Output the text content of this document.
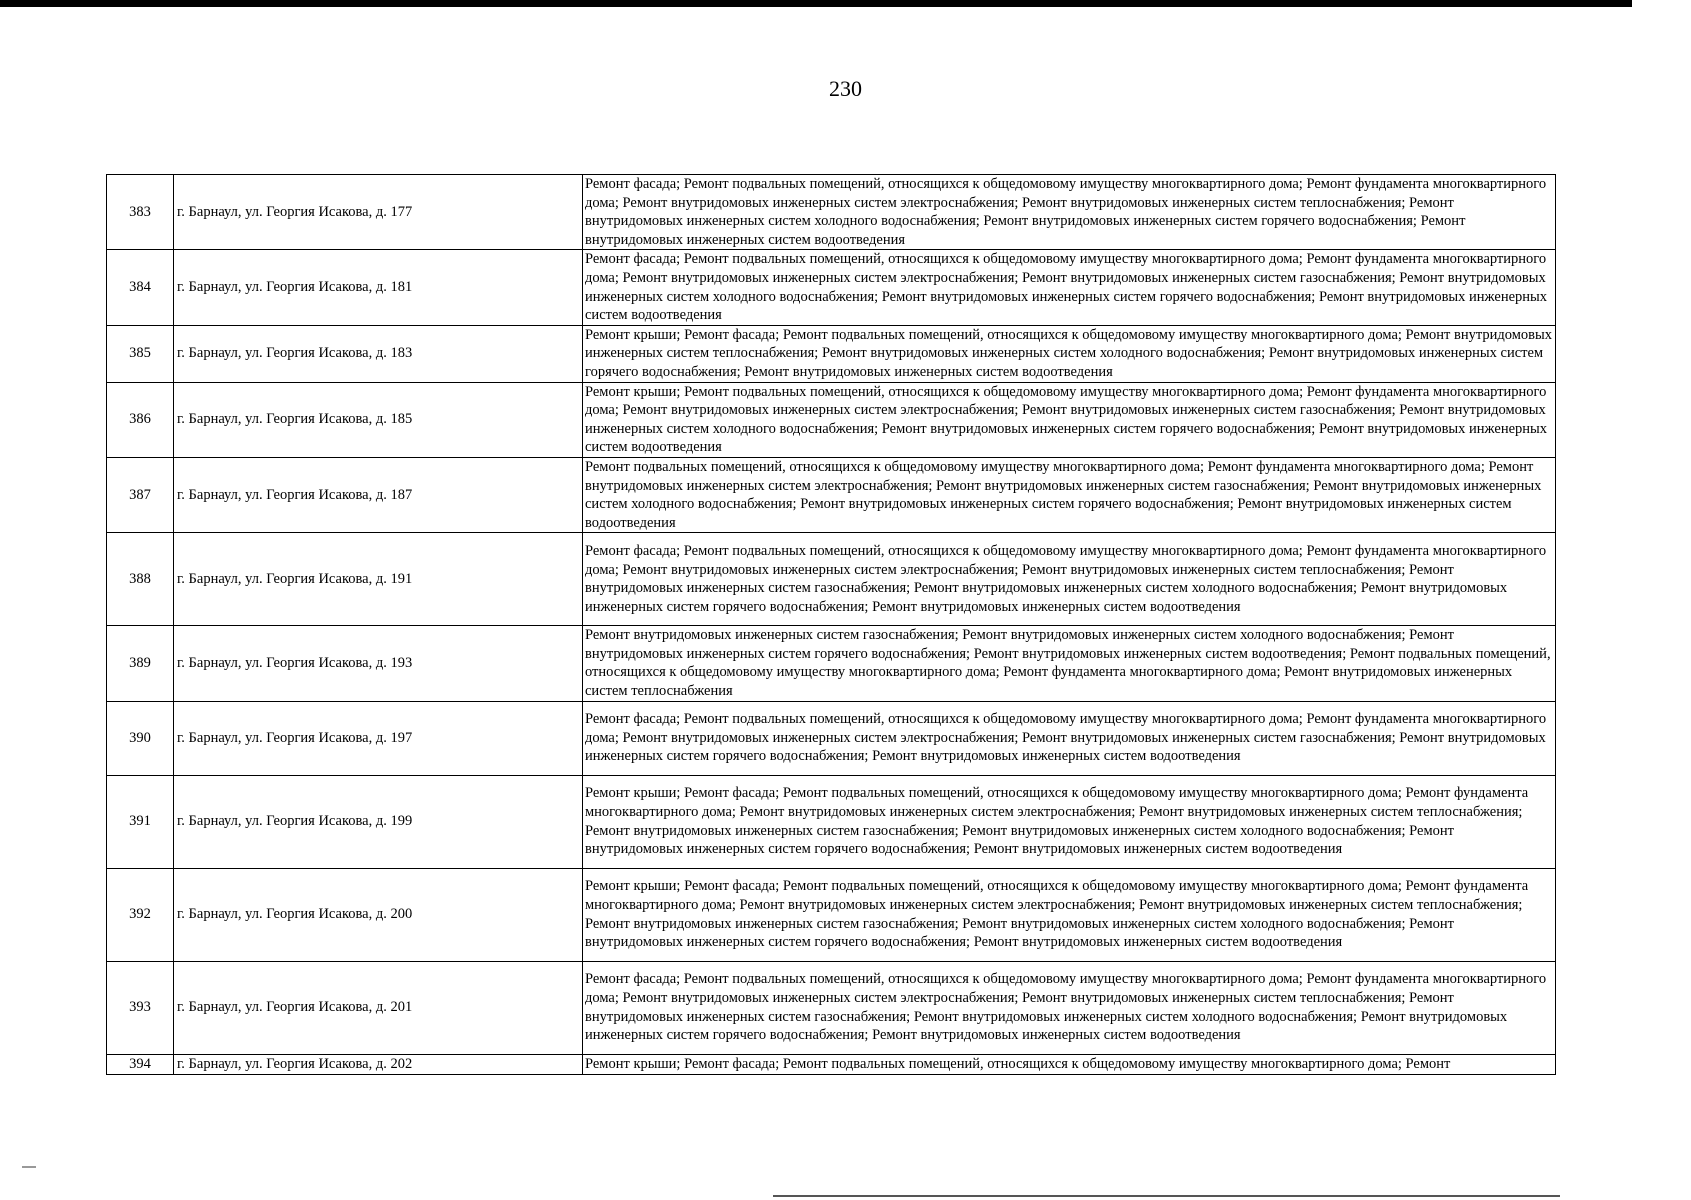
230
383	г. Барнаул, ул. Георгия Исакова, д. 177	Ремонт фасада; Ремонт подвальных помещений, относящихся к общедомовому имуществу многоквартирного дома; Ремонт фундамента многоквартирного дома; Ремонт внутридомовых инженерных систем электроснабжения; Ремонт внутридомовых инженерных систем теплоснабжения; Ремонт внутридомовых инженерных систем холодного водоснабжения; Ремонт внутридомовых инженерных систем горячего водоснабжения; Ремонт внутридомовых инженерных систем водоотведения
384	г. Барнаул, ул. Георгия Исакова, д. 181	Ремонт фасада; Ремонт подвальных помещений, относящихся к общедомовому имуществу многоквартирного дома; Ремонт фундамента многоквартирного дома; Ремонт внутридомовых инженерных систем электроснабжения; Ремонт внутридомовых инженерных систем газоснабжения; Ремонт внутридомовых инженерных систем холодного водоснабжения; Ремонт внутридомовых инженерных систем горячего водоснабжения; Ремонт внутридомовых инженерных систем водоотведения
385	г. Барнаул, ул. Георгия Исакова, д. 183	Ремонт крыши; Ремонт фасада; Ремонт подвальных помещений, относящихся к общедомовому имуществу многоквартирного дома; Ремонт внутридомовых инженерных систем теплоснабжения; Ремонт внутридомовых инженерных систем холодного водоснабжения; Ремонт внутридомовых инженерных систем горячего водоснабжения; Ремонт внутридомовых инженерных систем водоотведения
386	г. Барнаул, ул. Георгия Исакова, д. 185	Ремонт крыши; Ремонт подвальных помещений, относящихся к общедомовому имуществу многоквартирного дома; Ремонт фундамента многоквартирного дома; Ремонт внутридомовых инженерных систем электроснабжения; Ремонт внутридомовых инженерных систем газоснабжения; Ремонт внутридомовых инженерных систем холодного водоснабжения; Ремонт внутридомовых инженерных систем горячего водоснабжения; Ремонт внутридомовых инженерных систем водоотведения
387	г. Барнаул, ул. Георгия Исакова, д. 187	Ремонт подвальных помещений, относящихся к общедомовому имуществу многоквартирного дома; Ремонт фундамента многоквартирного дома; Ремонт внутридомовых инженерных систем электроснабжения; Ремонт внутридомовых инженерных систем газоснабжения; Ремонт внутридомовых инженерных систем холодного водоснабжения; Ремонт внутридомовых инженерных систем горячего водоснабжения; Ремонт внутридомовых инженерных систем водоотведения
388	г. Барнаул, ул. Георгия Исакова, д. 191	Ремонт фасада; Ремонт подвальных помещений, относящихся к общедомовому имуществу многоквартирного дома; Ремонт фундамента многоквартирного дома; Ремонт внутридомовых инженерных систем электроснабжения; Ремонт внутридомовых инженерных систем теплоснабжения; Ремонт внутридомовых инженерных систем газоснабжения; Ремонт внутридомовых инженерных систем холодного водоснабжения; Ремонт внутридомовых инженерных систем горячего водоснабжения; Ремонт внутридомовых инженерных систем водоотведения
389	г. Барнаул, ул. Георгия Исакова, д. 193	Ремонт внутридомовых инженерных систем газоснабжения; Ремонт внутридомовых инженерных систем холодного водоснабжения; Ремонт внутридомовых инженерных систем горячего водоснабжения; Ремонт внутридомовых инженерных систем водоотведения; Ремонт подвальных помещений, относящихся к общедомовому имуществу многоквартирного дома; Ремонт фундамента многоквартирного дома; Ремонт внутридомовых инженерных систем теплоснабжения
390	г. Барнаул, ул. Георгия Исакова, д. 197	Ремонт фасада; Ремонт подвальных помещений, относящихся к общедомовому имуществу многоквартирного дома; Ремонт фундамента многоквартирного дома; Ремонт внутридомовых инженерных систем электроснабжения; Ремонт внутридомовых инженерных систем газоснабжения; Ремонт внутридомовых инженерных систем горячего водоснабжения; Ремонт внутридомовых инженерных систем водоотведения
391	г. Барнаул, ул. Георгия Исакова, д. 199	Ремонт крыши; Ремонт фасада; Ремонт подвальных помещений, относящихся к общедомовому имуществу многоквартирного дома; Ремонт фундамента многоквартирного дома; Ремонт внутридомовых инженерных систем электроснабжения; Ремонт внутридомовых инженерных систем теплоснабжения; Ремонт внутридомовых инженерных систем газоснабжения; Ремонт внутридомовых инженерных систем холодного водоснабжения; Ремонт внутридомовых инженерных систем горячего водоснабжения; Ремонт внутридомовых инженерных систем водоотведения
392	г. Барнаул, ул. Георгия Исакова, д. 200	Ремонт крыши; Ремонт фасада; Ремонт подвальных помещений, относящихся к общедомовому имуществу многоквартирного дома; Ремонт фундамента многоквартирного дома; Ремонт внутридомовых инженерных систем электроснабжения; Ремонт внутридомовых инженерных систем теплоснабжения; Ремонт внутридомовых инженерных систем газоснабжения; Ремонт внутридомовых инженерных систем холодного водоснабжения; Ремонт внутридомовых инженерных систем горячего водоснабжения; Ремонт внутридомовых инженерных систем водоотведения
393	г. Барнаул, ул. Георгия Исакова, д. 201	Ремонт фасада; Ремонт подвальных помещений, относящихся к общедомовому имуществу многоквартирного дома; Ремонт фундамента многоквартирного дома; Ремонт внутридомовых инженерных систем электроснабжения; Ремонт внутридомовых инженерных систем теплоснабжения; Ремонт внутридомовых инженерных систем газоснабжения; Ремонт внутридомовых инженерных систем холодного водоснабжения; Ремонт внутридомовых инженерных систем горячего водоснабжения; Ремонт внутридомовых инженерных систем водоотведения
394	г. Барнаул, ул. Георгия Исакова, д. 202	Ремонт крыши; Ремонт фасада; Ремонт подвальных помещений, относящихся к общедомовому имуществу многоквартирного дома; Ремонт
